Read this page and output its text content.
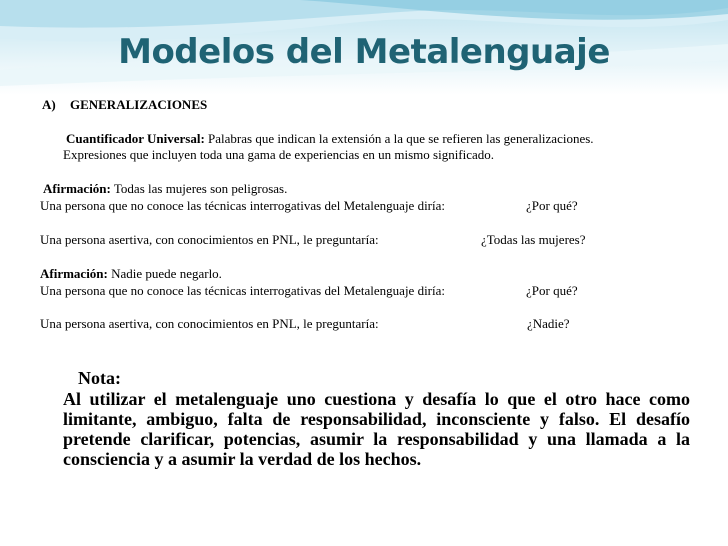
Modelos del Metalenguaje
A) GENERALIZACIONES
Cuantificador Universal: Palabras que indican la extensión a la que se refieren las generalizaciones.
Expresiones que incluyen toda una gama de experiencias en un mismo significado.
Afirmación: Todas las mujeres son peligrosas.
Una persona que no conoce las técnicas interrogativas del Metalenguaje diría:	¿Por qué?
Una persona asertiva, con conocimientos en PNL, le preguntaría:	¿Todas las mujeres?
Afirmación: Nadie puede negarlo.
Una persona que no conoce las técnicas interrogativas del Metalenguaje diría:	¿Por qué?
Una persona asertiva, con conocimientos en PNL, le preguntaría:	¿Nadie?
Nota:
Al utilizar el metalenguaje uno cuestiona y desafía lo que el otro hace como limitante, ambiguo, falta de responsabilidad, inconsciente y falso. El desafío pretende clarificar, potencias, asumir la responsabilidad y una llamada a la consciencia y a asumir la verdad de los hechos.
